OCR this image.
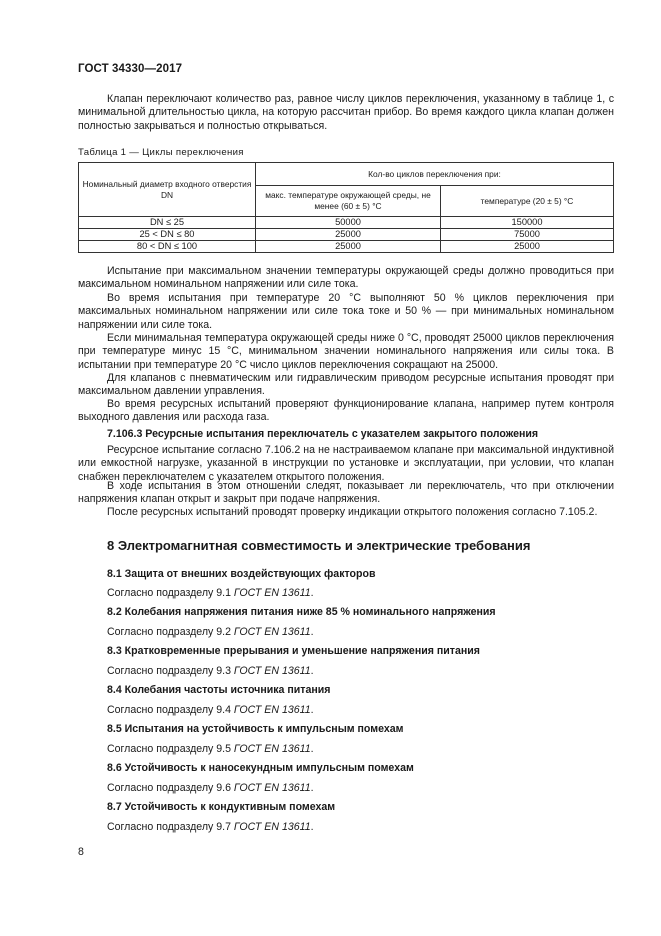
ГОСТ 34330—2017
Клапан переключают количество раз, равное числу циклов переключения, указанному в таблице 1, с минимальной длительностью цикла, на которую рассчитан прибор. Во время каждого цикла клапан должен полностью закрываться и полностью открываться.
Таблица 1 — Циклы переключения
Номинальный диаметр входного отверстия DN	Кол-во циклов переключения при:	
	макс. температуре окружающей среды, не менее (60 ± 5) °С	температуре (20 ± 5) °С
DN ≤ 25	50000	150000
25 < DN ≤ 80	25000	75000
80 < DN ≤ 100	25000	25000
Испытание при максимальном значении температуры окружающей среды должно проводиться при максимальном номинальном напряжении или силе тока.
Во время испытания при температуре 20 °С выполняют 50 % циклов переключения при максимальных номинальном напряжении или силе тока токе и 50 % — при минимальных номинальном напряжении или силе тока.
Если минимальная температура окружающей среды ниже 0 °С, проводят 25000 циклов переключения при температуре минус 15 °С, минимальном значении номинального напряжения или силы тока. В испытании при температуре 20 °С число циклов переключения сокращают на 25000.
Для клапанов с пневматическим или гидравлическим приводом ресурсные испытания проводят при максимальном давлении управления.
Во время ресурсных испытаний проверяют функционирование клапана, например путем контроля выходного давления или расхода газа.
7.106.3 Ресурсные испытания переключатель с указателем закрытого положения
Ресурсное испытание согласно 7.106.2 на не настраиваемом клапане при максимальной индуктивной или емкостной нагрузке, указанной в инструкции по установке и эксплуатации, при условии, что клапан снабжен переключателем с указателем открытого положения.
В ходе испытания в этом отношении следят, показывает ли переключатель, что при отключении напряжения клапан открыт и закрыт при подаче напряжения.
После ресурсных испытаний проводят проверку индикации открытого положения согласно 7.105.2.
8 Электромагнитная совместимость и электрические требования
8.1 Защита от внешних воздействующих факторов
Согласно подразделу 9.1 ГОСТ EN 13611.
8.2 Колебания напряжения питания ниже 85 % номинального напряжения
Согласно подразделу 9.2 ГОСТ EN 13611.
8.3 Кратковременные прерывания и уменьшение напряжения питания
Согласно подразделу 9.3 ГОСТ EN 13611.
8.4 Колебания частоты источника питания
Согласно подразделу 9.4 ГОСТ EN 13611.
8.5 Испытания на устойчивость к импульсным помехам
Согласно подразделу 9.5 ГОСТ EN 13611.
8.6 Устойчивость к наносекундным импульсным помехам
Согласно подразделу 9.6 ГОСТ EN 13611.
8.7 Устойчивость к кондуктивным помехам
Согласно подразделу 9.7 ГОСТ EN 13611.
8
